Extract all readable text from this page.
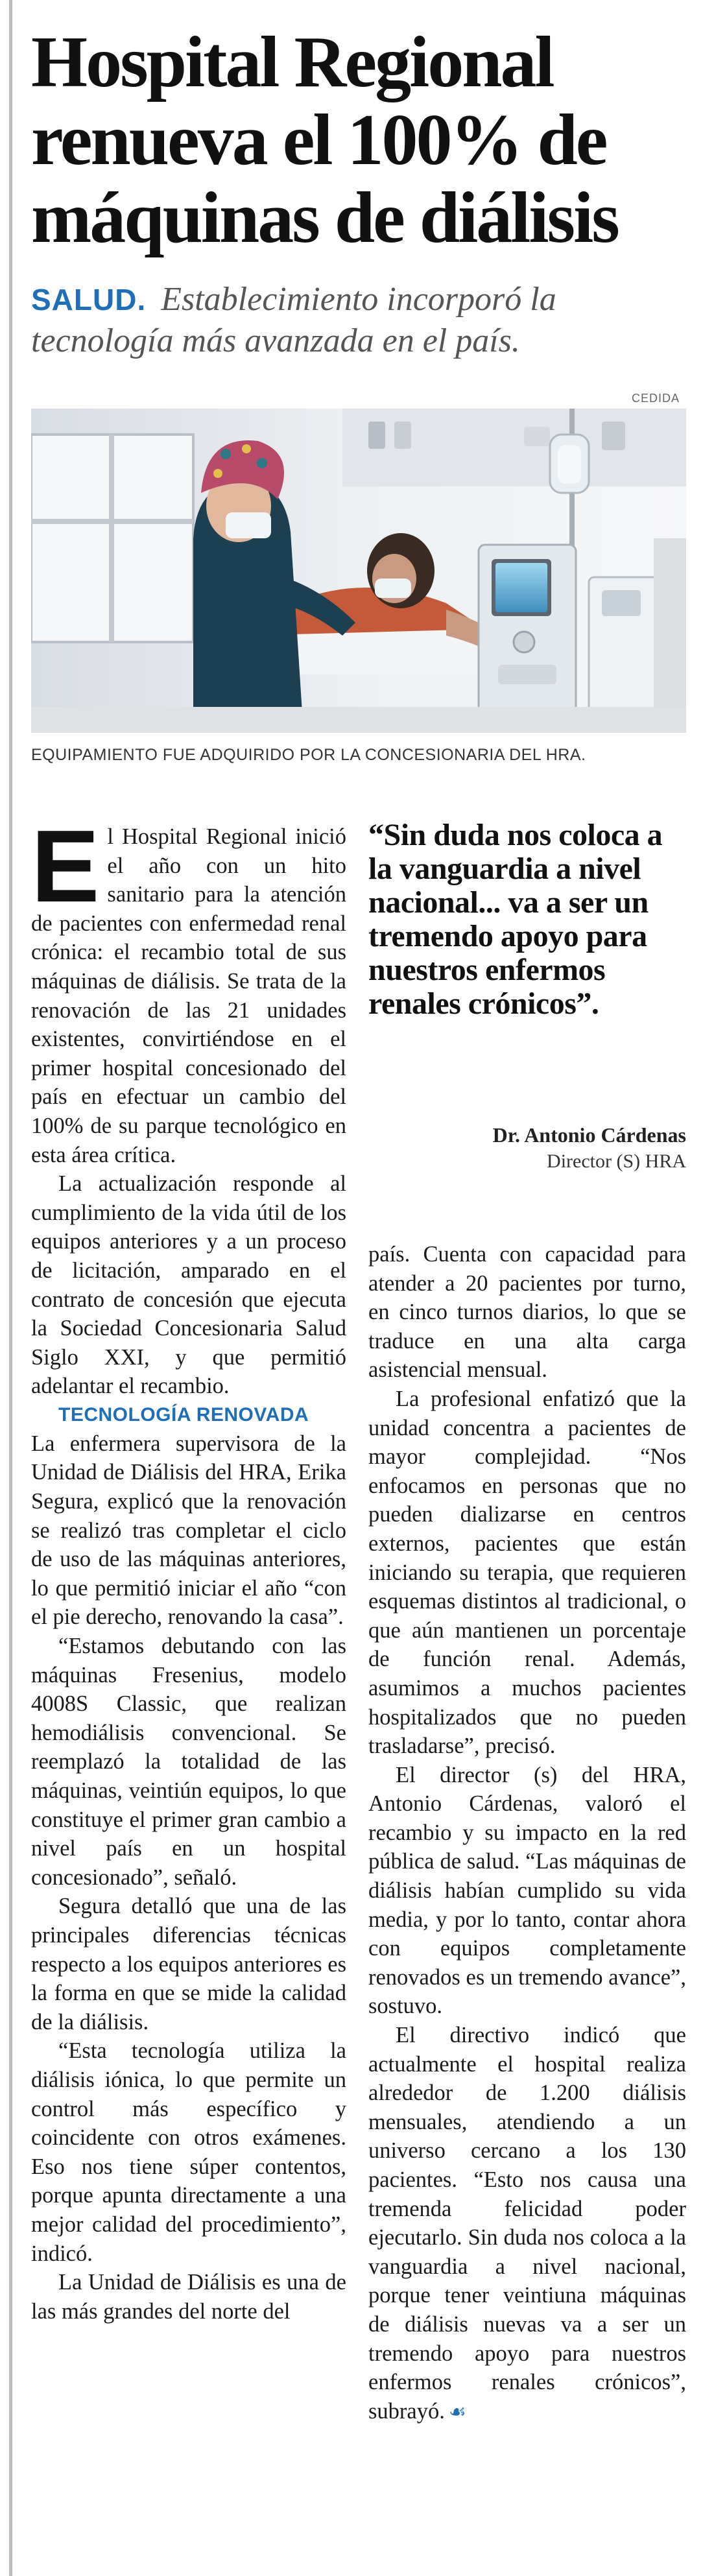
Hospital Regional renueva el 100% de máquinas de diálisis

SALUD. Establecimiento incorporó la tecnología más avanzada en el país.

CEDIDA

EQUIPAMIENTO FUE ADQUIRIDO POR LA CONCESIONARIA DEL HRA.

El Hospital Regional inició el año con un hito sanitario para la atención de pacientes con enfermedad renal crónica: el recambio total de sus máquinas de diálisis. Se trata de la renovación de las 21 unidades existentes, convirtiéndose en el primer hospital concesionado del país en efectuar un cambio del 100% de su parque tecnológico en esta área crítica.

La actualización responde al cumplimiento de la vida útil de los equipos anteriores y a un proceso de licitación, amparado en el contrato de concesión que ejecuta la Sociedad Concesionaria Salud Siglo XXI, y que permitió adelantar el recambio.

TECNOLOGÍA RENOVADA

La enfermera supervisora de la Unidad de Diálisis del HRA, Erika Segura, explicó que la renovación se realizó tras completar el ciclo de uso de las máquinas anteriores, lo que permitió iniciar el año “con el pie derecho, renovando la casa”.

“Estamos debutando con las máquinas Fresenius, modelo 4008S Classic, que realizan hemodiálisis convencional. Se reemplazó la totalidad de las máquinas, veintiún equipos, lo que constituye el primer gran cambio a nivel país en un hospital concesionado”, señaló.

Segura detalló que una de las principales diferencias técnicas respecto a los equipos anteriores es la forma en que se mide la calidad de la diálisis.

“Esta tecnología utiliza la diálisis iónica, lo que permite un control más específico y coincidente con otros exámenes. Eso nos tiene súper contentos, porque apunta directamente a una mejor calidad del procedimiento”, indicó.

La Unidad de Diálisis es una de las más grandes del norte del

“Sin duda nos coloca a la vanguardia a nivel nacional... va a ser un tremendo apoyo para nuestros enfermos renales crónicos”.

Dr. Antonio Cárdenas

Director (S) HRA

país. Cuenta con capacidad para atender a 20 pacientes por turno, en cinco turnos diarios, lo que se traduce en una alta carga asistencial mensual.

La profesional enfatizó que la unidad concentra a pacientes de mayor complejidad. “Nos enfocamos en personas que no pueden dializarse en centros externos, pacientes que están iniciando su terapia, que requieren esquemas distintos al tradicional, o que aún mantienen un porcentaje de función renal. Además, asumimos a muchos pacientes hospitalizados que no pueden trasladarse”, precisó.

El director (s) del HRA, Antonio Cárdenas, valoró el recambio y su impacto en la red pública de salud. “Las máquinas de diálisis habían cumplido su vida media, y por lo tanto, contar ahora con equipos completamente renovados es un tremendo avance”, sostuvo.

El directivo indicó que actualmente el hospital realiza alrededor de 1.200 diálisis mensuales, atendiendo a un universo cercano a los 130 pacientes. “Esto nos causa una tremenda felicidad poder ejecutarlo. Sin duda nos coloca a la vanguardia a nivel nacional, porque tener veintiuna máquinas de diálisis nuevas va a ser un tremendo apoyo para nuestros enfermos renales crónicos”, subrayó. ☙
